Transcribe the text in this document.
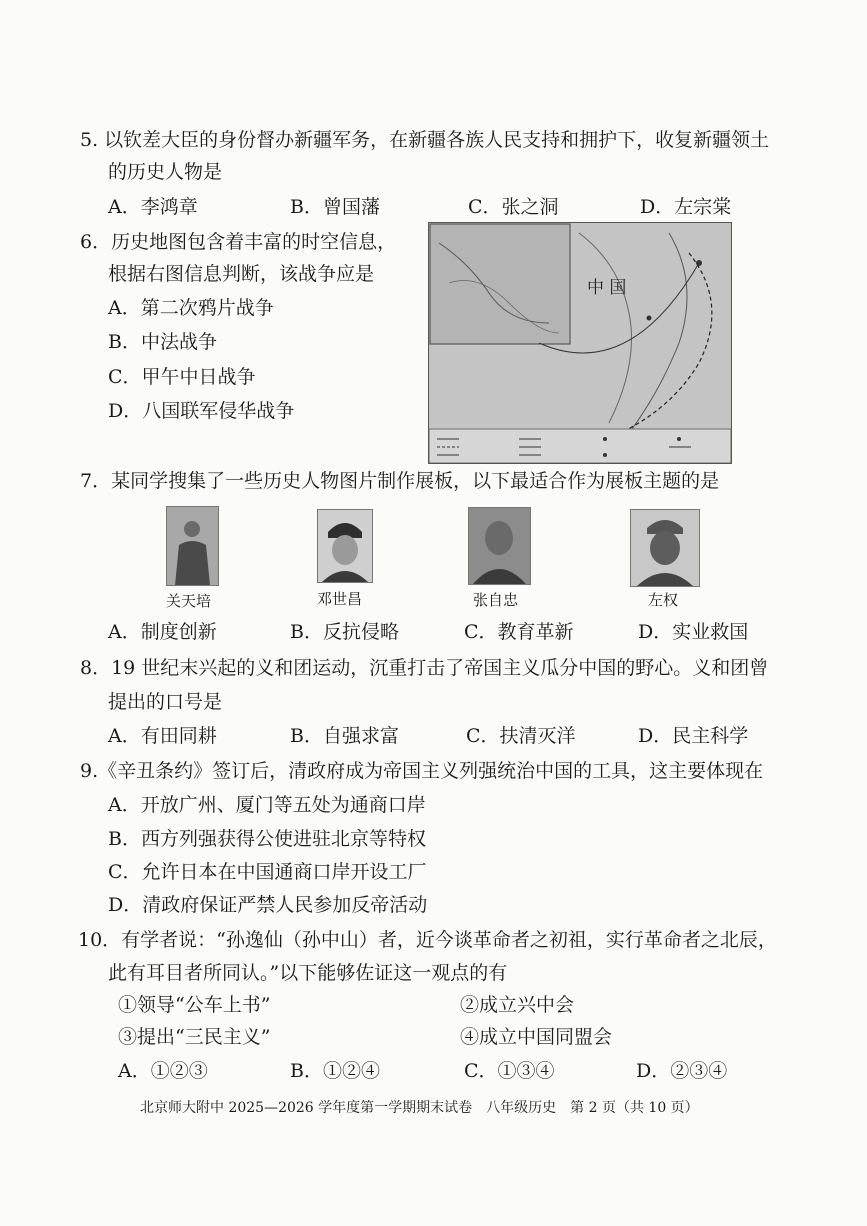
5. 以钦差大臣的身份督办新疆军务，在新疆各族人民支持和拥护下，收复新疆领土
的历史人物是
A．李鸿章	B．曾国藩	C．张之洞	D．左宗棠
6．历史地图包含着丰富的时空信息，
根据右图信息判断，该战争应是
A．第二次鸦片战争
B．中法战争
C．甲午中日战争
D．八国联军侵华战争
中 国
7．某同学搜集了一些历史人物图片制作展板，以下最适合作为展板主题的是
关天培	邓世昌	张自忠	左权
A．制度创新	B．反抗侵略	C．教育革新	D．实业救国
8．19 世纪末兴起的义和团运动，沉重打击了帝国主义瓜分中国的野心。义和团曾
提出的口号是
A．有田同耕	B．自强求富	C．扶清灭洋	D．民主科学
9.《辛丑条约》签订后，清政府成为帝国主义列强统治中国的工具，这主要体现在
A．开放广州、厦门等五处为通商口岸
B．西方列强获得公使进驻北京等特权
C．允许日本在中国通商口岸开设工厂
D．清政府保证严禁人民参加反帝活动
10．有学者说：“孙逸仙（孙中山）者，近今谈革命者之初祖，实行革命者之北辰，
此有耳目者所同认。”以下能够佐证这一观点的有
①领导“公车上书”	②成立兴中会
③提出“三民主义”	④成立中国同盟会
A．①②③	B．①②④	C．①③④	D．②③④
北京师大附中 2025—2026 学年度第一学期期末试卷　八年级历史　第 2 页（共 10 页）
